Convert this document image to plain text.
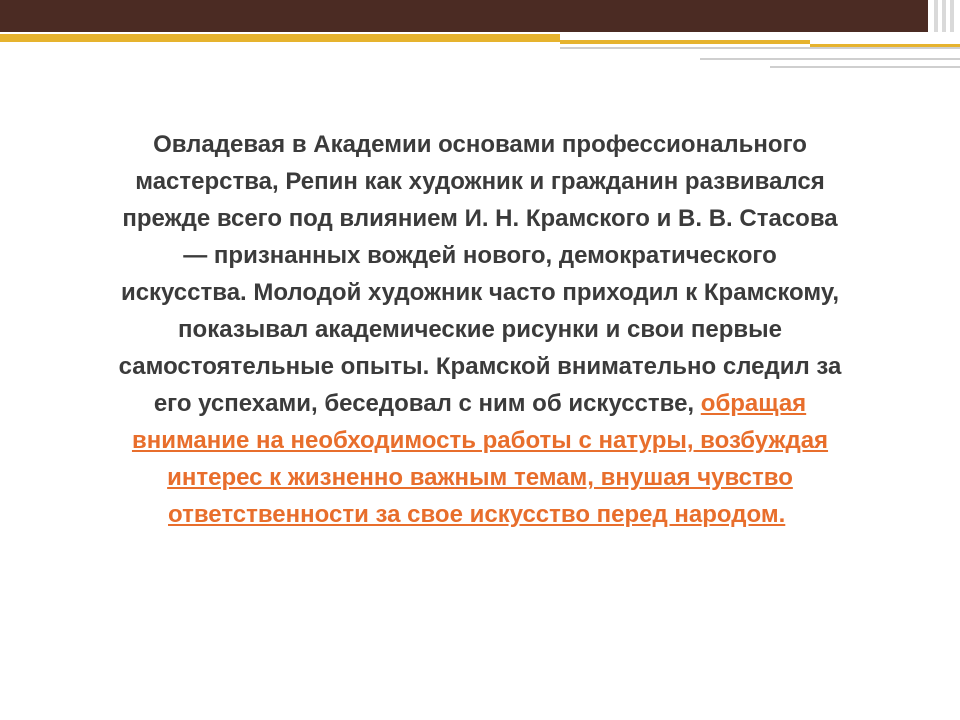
Овладевая в Академии основами профессионального мастерства, Репин как художник и гражданин развивался прежде всего под влиянием И. Н. Крамского и В. В. Стасова — признанных вождей нового, демократического искусства. Молодой художник часто приходил к Крамскому, показывал академические рисунки и свои первые самостоятельные опыты. Крамской внимательно следил за его успехами, беседовал с ним об искусстве, обращая внимание на необходимость работы с натуры, возбуждая интерес к жизненно важным темам, внушая чувство ответственности за свое искусство перед народом.
